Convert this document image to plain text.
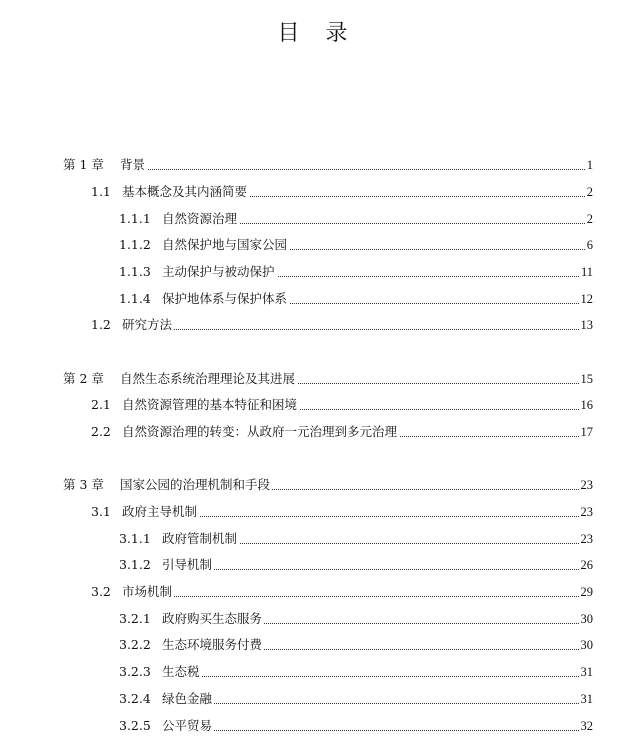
目 录
第 1 章 背景	1
1.1 基本概念及其内涵简要	2
1.1.1 自然资源治理	2
1.1.2 自然保护地与国家公园	6
1.1.3 主动保护与被动保护	11
1.1.4 保护地体系与保护体系	12
1.2 研究方法	13
第 2 章 自然生态系统治理理论及其进展	15
2.1 自然资源管理的基本特征和困境	16
2.2 自然资源治理的转变：从政府一元治理到多元治理	17
第 3 章 国家公园的治理机制和手段	23
3.1 政府主导机制	23
3.1.1 政府管制机制	23
3.1.2 引导机制	26
3.2 市场机制	29
3.2.1 政府购买生态服务	30
3.2.2 生态环境服务付费	30
3.2.3 生态税	31
3.2.4 绿色金融	31
3.2.5 公平贸易	32
